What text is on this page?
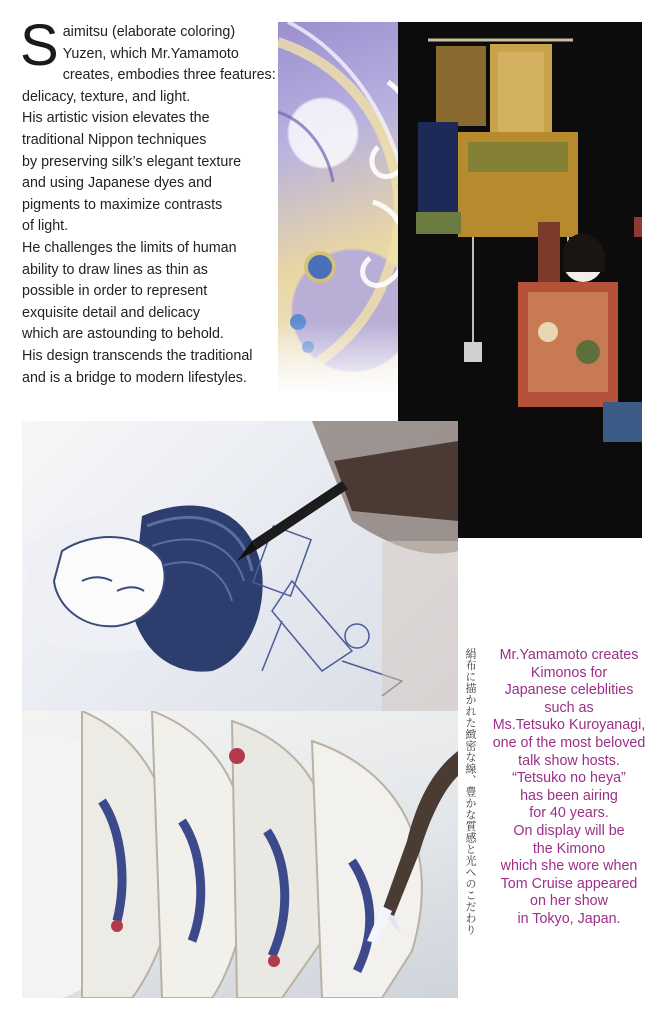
S aimitsu (elaborate coloring)

Yuzen, which Mr.Yamamoto

creates, embodies three features:

delicacy, texture, and light.

His artistic vision elevates the

traditional Nippon techniques

by preserving silk’s elegant texture

and using Japanese dyes and

pigments to maximize contrasts

of light.

He challenges the limits of human

ability to draw lines as thin as

possible in order to represent

exquisite detail and delicacy

which are astounding to behold.

His design transcends the traditional

and is a bridge to modern lifestyles.

絹布に描かれた緻密な線、豊かな質感と光へのこだわり	Mr.Yamamoto creates

Kimonos for

Japanese celeblities

such as

Ms.Tetsuko Kuroyanagi,

one of the most beloved

talk show hosts.

“Tetsuko no heya”

has been airing

for 40 years.

On display will be

the Kimono

which she wore when

Tom Cruise appeared

on her show

in Tokyo, Japan.
